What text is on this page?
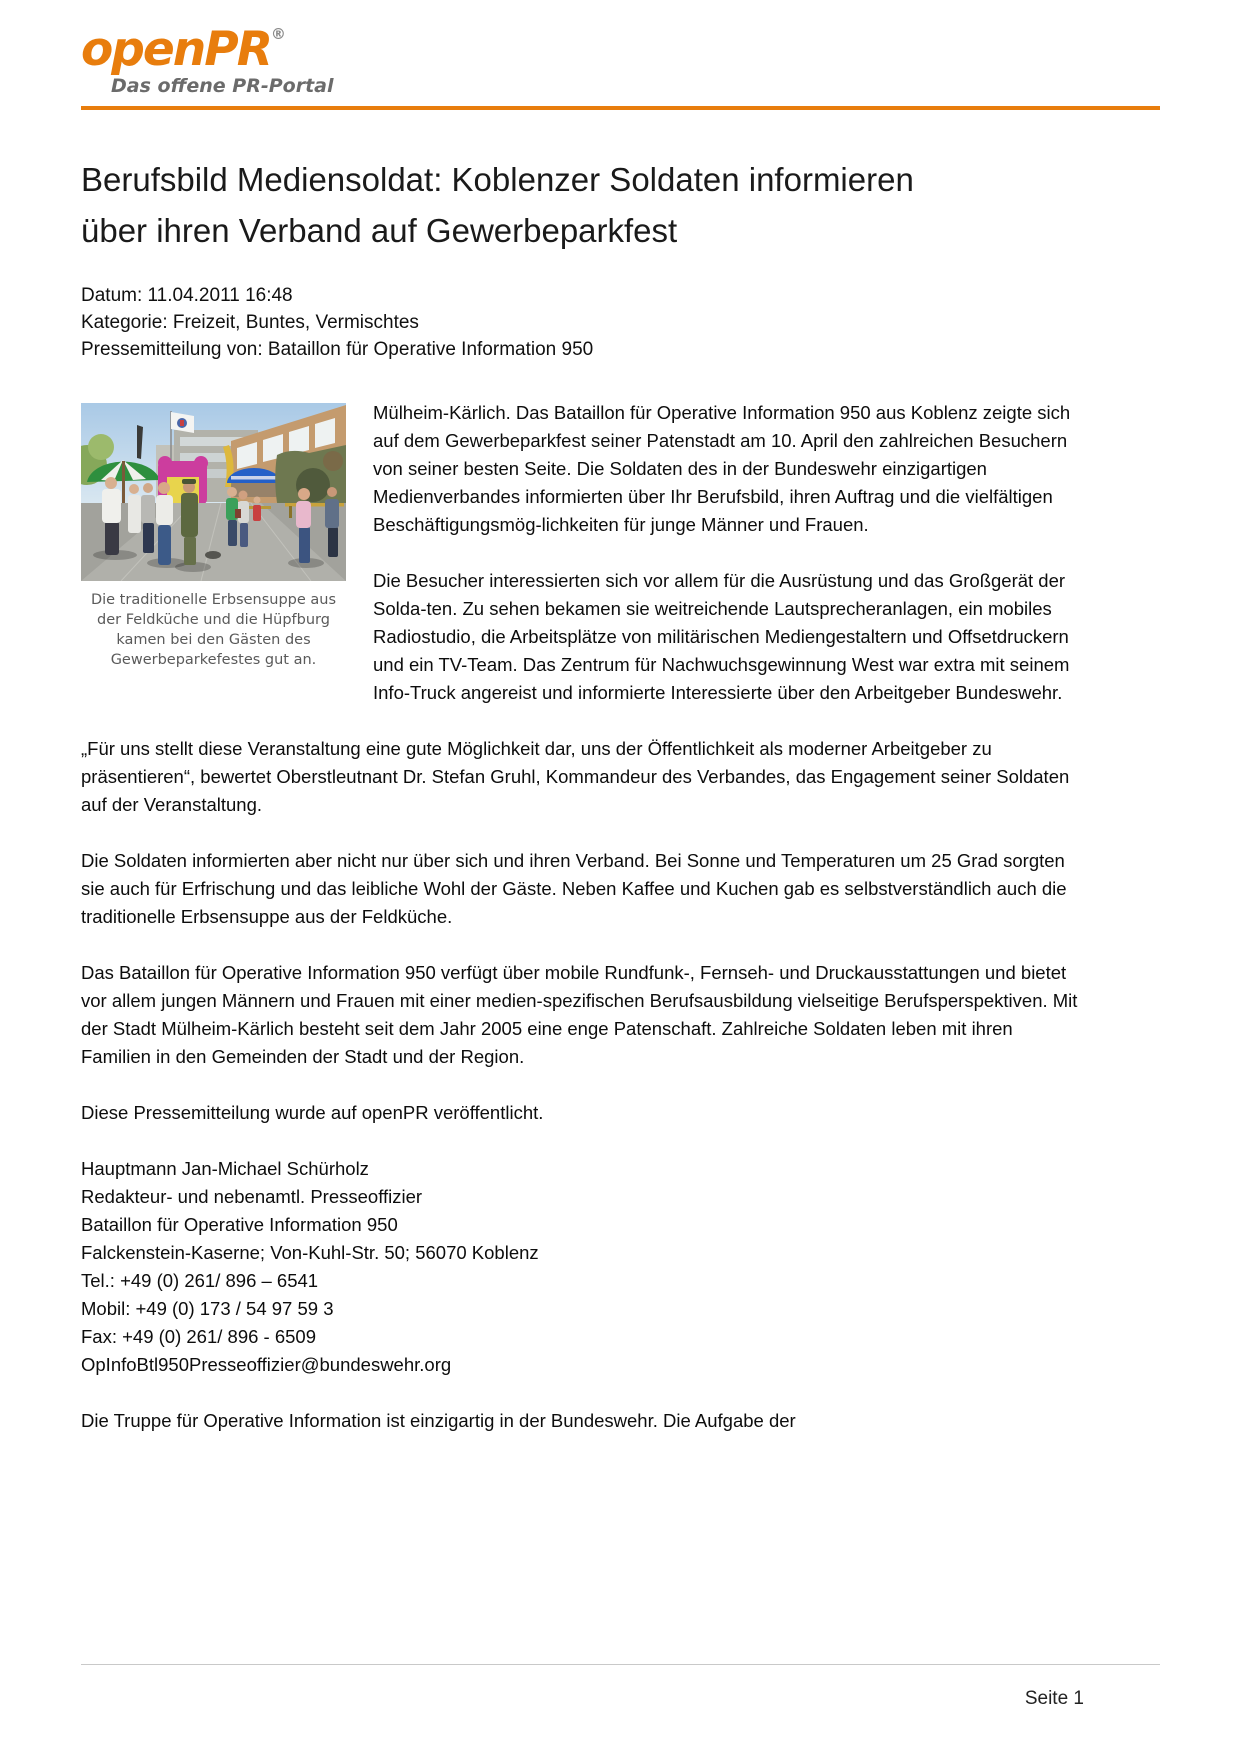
openPR®
Das offene PR-Portal
Berufsbild Mediensoldat: Koblenzer Soldaten informieren über ihren Verband auf Gewerbeparkfest
Datum: 11.04.2011 16:48
Kategorie: Freizeit, Buntes, Vermischtes
Pressemitteilung von: Bataillon für Operative Information 950
Die traditionelle Erbsensuppe aus der Feldküche und die Hüpfburg kamen bei den Gästen des Gewerbeparkefestes gut an.

Mülheim-Kärlich. Das Bataillon für Operative Information 950 aus Koblenz zeigte sich auf dem Gewerbeparkfest seiner Patenstadt am 10. April den zahlreichen Besuchern von seiner besten Seite. Die Soldaten des in der Bundeswehr einzigartigen Medienverbandes informierten über Ihr Berufsbild, ihren Auftrag und die vielfältigen Beschäftigungsmög-lichkeiten für junge Männer und Frauen.

Die Besucher interessierten sich vor allem für die Ausrüstung und das Großgerät der Solda-ten. Zu sehen bekamen sie weitreichende Lautsprecheranlagen, ein mobiles Radiostudio, die Arbeitsplätze von militärischen Mediengestaltern und Offsetdruckern und ein TV-Team. Das Zentrum für Nachwuchsgewinnung West war extra mit seinem Info-Truck angereist und informierte Interessierte über den Arbeitgeber Bundeswehr.

„Für uns stellt diese Veranstaltung eine gute Möglichkeit dar, uns der Öffentlichkeit als moderner Arbeitgeber zu präsentieren“, bewertet Oberstleutnant Dr. Stefan Gruhl, Kommandeur des Verbandes, das Engagement seiner Soldaten auf der Veranstaltung.

Die Soldaten informierten aber nicht nur über sich und ihren Verband. Bei Sonne und Temperaturen um 25 Grad sorgten sie auch für Erfrischung und das leibliche Wohl der Gäste. Neben Kaffee und Kuchen gab es selbstverständlich auch die traditionelle Erbsensuppe aus der Feldküche.

Das Bataillon für Operative Information 950 verfügt über mobile Rundfunk-, Fernseh- und Druckausstattungen und bietet vor allem jungen Männern und Frauen mit einer medien-spezifischen Berufsausbildung vielseitige Berufsperspektiven. Mit der Stadt Mülheim-Kärlich besteht seit dem Jahr 2005 eine enge Patenschaft. Zahlreiche Soldaten leben mit ihren Familien in den Gemeinden der Stadt und der Region.

Diese Pressemitteilung wurde auf openPR veröffentlicht.

Hauptmann Jan-Michael Schürholz
Redakteur- und nebenamtl. Presseoffizier
Bataillon für Operative Information 950
Falckenstein-Kaserne; Von-Kuhl-Str. 50; 56070 Koblenz
Tel.: +49 (0) 261/ 896 – 6541
Mobil: +49 (0) 173 / 54 97 59 3
Fax: +49 (0) 261/ 896 - 6509
OpInfoBtl950Presseoffizier@bundeswehr.org

Die Truppe für Operative Information ist einzigartig in der Bundeswehr. Die Aufgabe der

Seite 1
